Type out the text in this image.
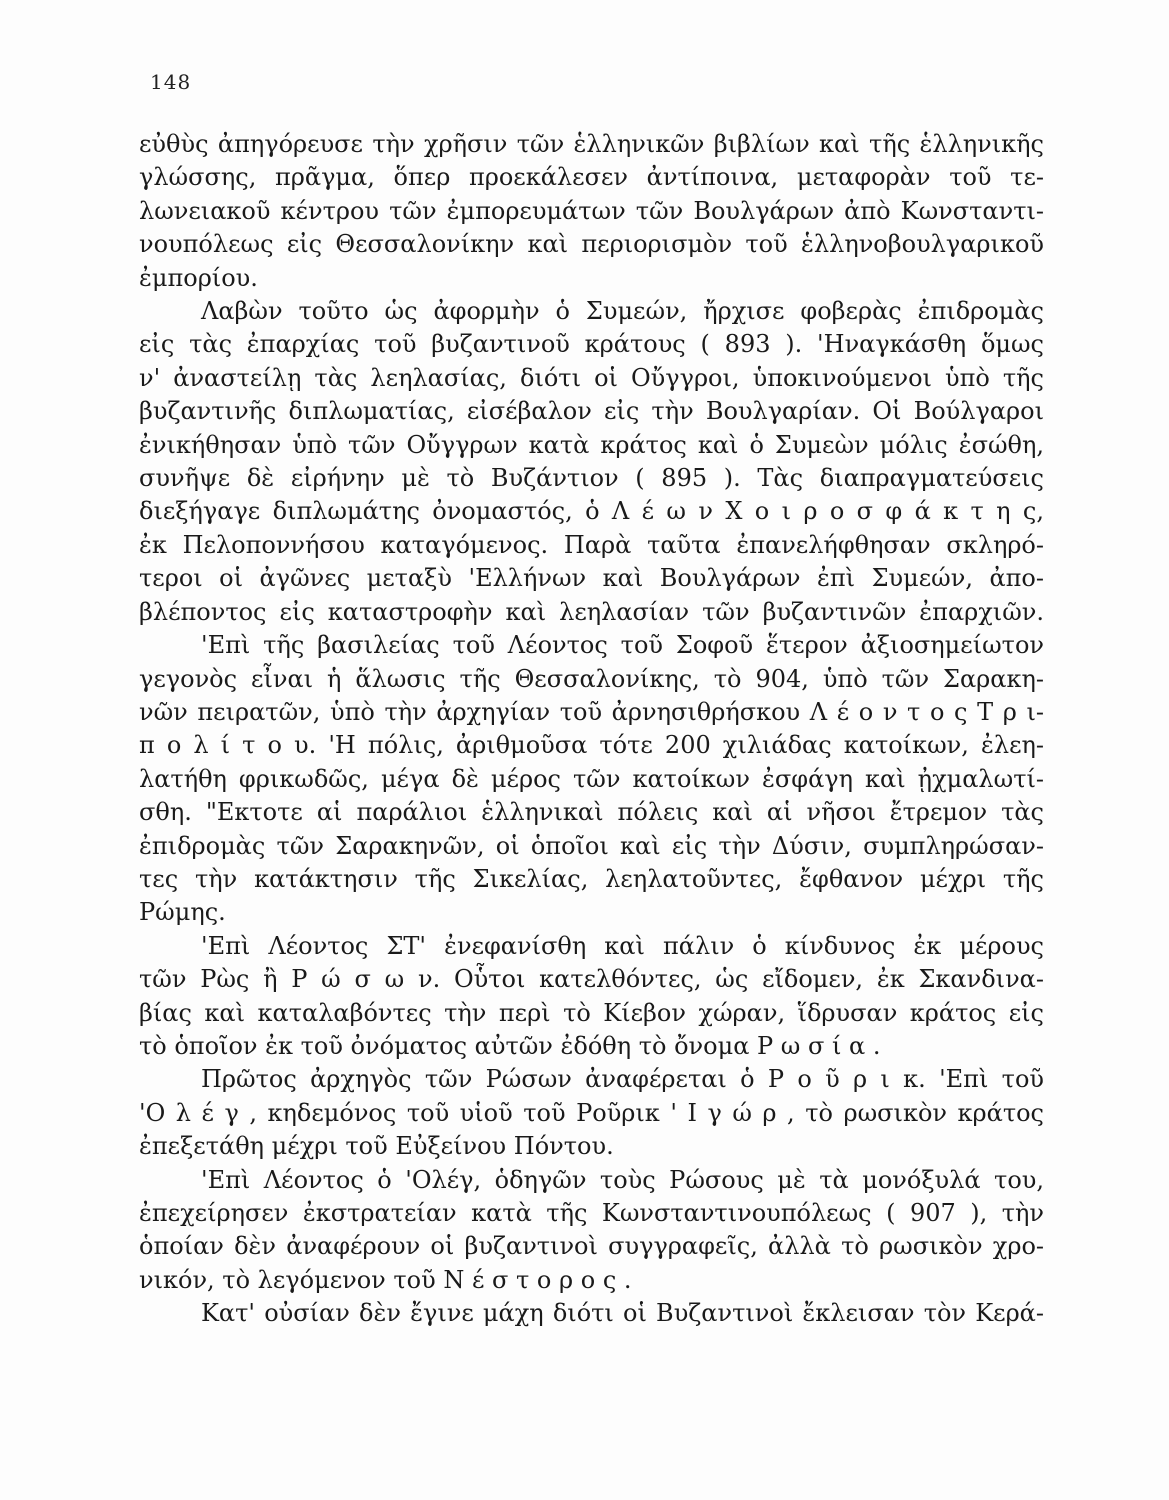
148
εὐθὺς ἀπηγόρευσε τὴν χρῆσιν τῶν ἑλληνικῶν βιβλίων καὶ τῆς ἑλληνικῆς
γλώσσης, πρᾶγμα, ὅπερ προεκάλεσεν ἀντίποινα, μεταφορὰν τοῦ τε-
λωνειακοῦ κέντρου τῶν ἐμπορευμάτων τῶν Βουλγάρων ἀπὸ Κωνσταντι-
νουπόλεως εἰς Θεσσαλονίκην καὶ περιορισμὸν τοῦ ἑλληνοβουλγαρικοῦ
ἐμπορίου.
Λαβὼν τοῦτο ὡς ἀφορμὴν ὁ Συμεών, ἤρχισε φοβερὰς ἐπιδρομὰς
εἰς τὰς ἐπαρχίας τοῦ βυζαντινοῦ κράτους ( 893 ). 'Ηναγκάσθη ὅμως
ν' ἀναστείλῃ τὰς λεηλασίας, διότι οἱ Οὔγγροι, ὑποκινούμενοι ὑπὸ τῆς
βυζαντινῆς διπλωματίας, εἰσέβαλον εἰς τὴν Βουλγαρίαν. Οἱ Βούλγαροι
ἐνικήθησαν ὑπὸ τῶν Οὔγγρων κατὰ κράτος καὶ ὁ Συμεὼν μόλις ἐσώθη,
συνῆψε δὲ εἰρήνην μὲ τὸ Βυζάντιον ( 895 ). Τὰς διαπραγματεύσεις
διεξήγαγε διπλωμάτης ὀνομαστός, ὁ Λ έ ω ν Χ ο ι ρ ο σ φ ά κ τ η ς,
ἐκ Πελοποννήσου καταγόμενος. Παρὰ ταῦτα ἐπανελήφθησαν σκληρό-
τεροι οἱ ἀγῶνες μεταξὺ 'Ελλήνων καὶ Βουλγάρων ἐπὶ Συμεών, ἀπο-
βλέποντος εἰς καταστροφὴν καὶ λεηλασίαν τῶν βυζαντινῶν ἐπαρχιῶν.
'Επὶ τῆς βασιλείας τοῦ Λέοντος τοῦ Σοφοῦ ἕτερον ἀξιοσημείωτον
γεγονὸς εἶναι ἡ ἅλωσις τῆς Θεσσαλονίκης, τὸ 904, ὑπὸ τῶν Σαρακη-
νῶν πειρατῶν, ὑπὸ τὴν ἀρχηγίαν τοῦ ἀρνησιθρήσκου Λ έ ο ν τ ο ς Τ ρ ι-
π ο λ ί τ ο υ. 'Η πόλις, ἀριθμοῦσα τότε 200 χιλιάδας κατοίκων, ἐλεη-
λατήθη φρικωδῶς, μέγα δὲ μέρος τῶν κατοίκων ἐσφάγη καὶ ᾐχμαλωτί-
σθη. "Εκτοτε αἱ παράλιοι ἑλληνικαὶ πόλεις καὶ αἱ νῆσοι ἔτρεμον τὰς
ἐπιδρομὰς τῶν Σαρακηνῶν, οἱ ὁποῖοι καὶ εἰς τὴν Δύσιν, συμπληρώσαν-
τες τὴν κατάκτησιν τῆς Σικελίας, λεηλατοῦντες, ἔφθανον μέχρι τῆς
Ρώμης.
'Επὶ Λέοντος ΣΤ' ἐνεφανίσθη καὶ πάλιν ὁ κίνδυνος ἐκ μέρους
τῶν Ρὼς ἢ Ρ ώ σ ω ν. Οὗτοι κατελθόντες, ὡς εἴδομεν, ἐκ Σκανδινα-
βίας καὶ καταλαβόντες τὴν περὶ τὸ Κίεβον χώραν, ἵδρυσαν κράτος εἰς
τὸ ὁποῖον ἐκ τοῦ ὀνόματος αὐτῶν ἐδόθη τὸ ὄνομα Ρ ω σ ί α .
Πρῶτος ἀρχηγὸς τῶν Ρώσων ἀναφέρεται ὁ Ρ ο ῦ ρ ι κ. 'Επὶ τοῦ
'Ο λ έ γ , κηδεμόνος τοῦ υἱοῦ τοῦ Ροῦρικ ' Ι γ ώ ρ , τὸ ρωσικὸν κράτος
ἐπεξετάθη μέχρι τοῦ Εὐξείνου Πόντου.
'Επὶ Λέοντος ὁ 'Ολέγ, ὁδηγῶν τοὺς Ρώσους μὲ τὰ μονόξυλά του,
ἐπεχείρησεν ἐκστρατείαν κατὰ τῆς Κωνσταντινουπόλεως ( 907 ), τὴν
ὁποίαν δὲν ἀναφέρουν οἱ βυζαντινοὶ συγγραφεῖς, ἀλλὰ τὸ ρωσικὸν χρο-
νικόν, τὸ λεγόμενον τοῦ Ν έ σ τ ο ρ ο ς .
Κατ' οὐσίαν δὲν ἔγινε μάχη διότι οἱ Βυζαντινοὶ ἔκλεισαν τὸν Κερά-
